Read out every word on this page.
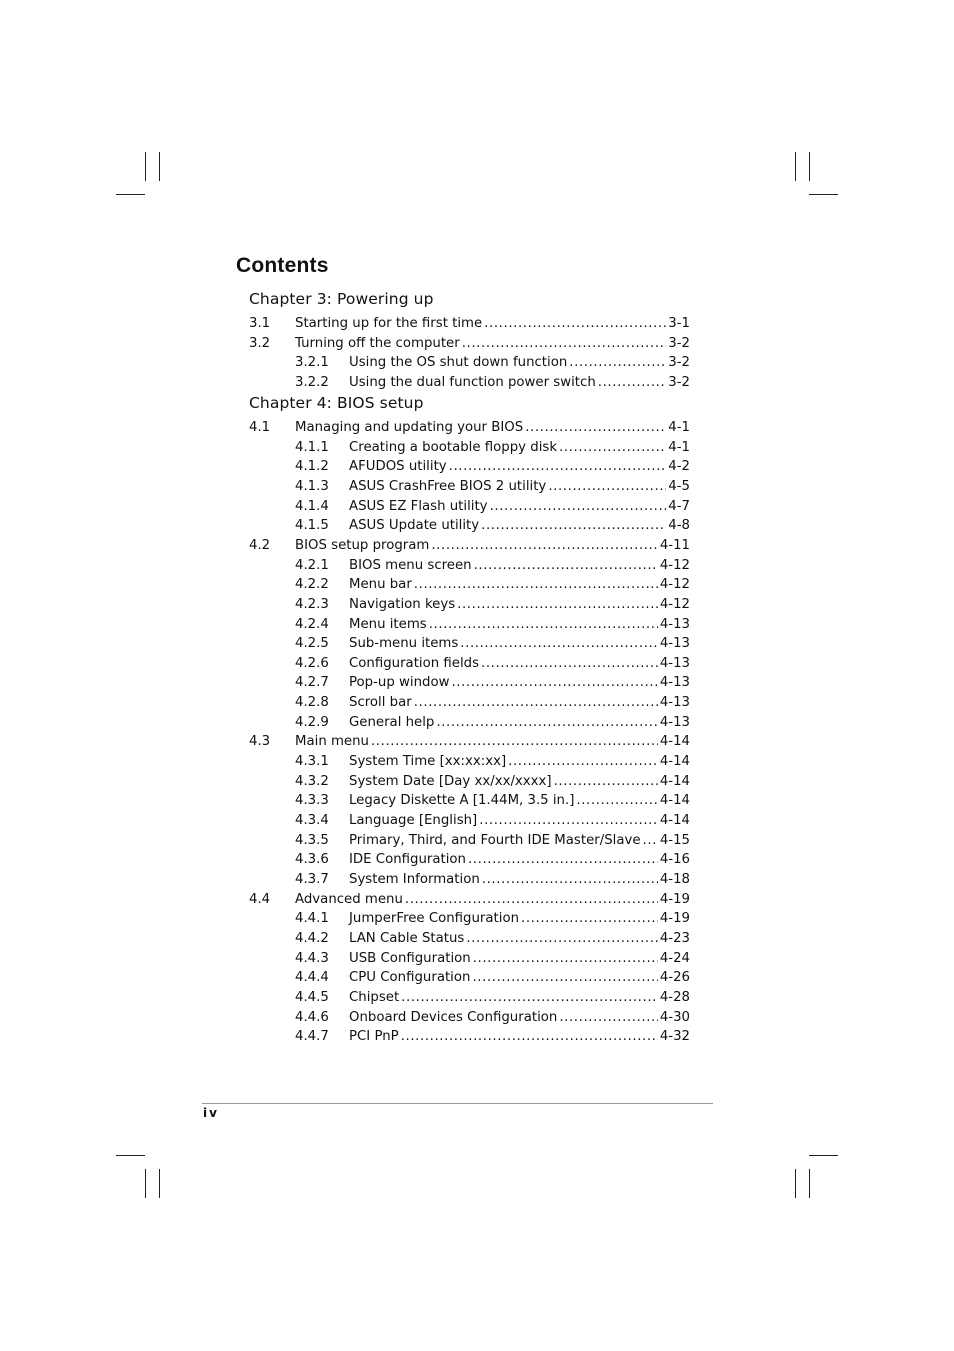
Contents
Chapter 3: Powering up
3.1	Starting up for the first time .....	3-1
3.2	Turning off the computer .....	3-2
3.2.1	Using the OS shut down function .....	3-2
3.2.2	Using the dual function power switch .....	3-2
Chapter 4: BIOS setup
4.1	Managing and updating your BIOS .....	4-1
4.1.1	Creating a bootable floppy disk .....	4-1
4.1.2	AFUDOS utility .....	4-2
4.1.3	ASUS CrashFree BIOS 2 utility .....	4-5
4.1.4	ASUS EZ Flash utility .....	4-7
4.1.5	ASUS Update utility .....	4-8
4.2	BIOS setup program .....	4-11
4.2.1	BIOS menu screen .....	4-12
4.2.2	Menu bar .....	4-12
4.2.3	Navigation keys .....	4-12
4.2.4	Menu items .....	4-13
4.2.5	Sub-menu items .....	4-13
4.2.6	Configuration fields .....	4-13
4.2.7	Pop-up window .....	4-13
4.2.8	Scroll bar .....	4-13
4.2.9	General help .....	4-13
4.3	Main menu .....	4-14
4.3.1	System Time [xx:xx:xx] .....	4-14
4.3.2	System Date [Day xx/xx/xxxx] .....	4-14
4.3.3	Legacy Diskette A [1.44M, 3.5 in.] .....	4-14
4.3.4	Language [English] .....	4-14
4.3.5	Primary, Third, and Fourth IDE Master/Slave ..... 4-15
4.3.6	IDE Configuration .....	4-16
4.3.7	System Information .....	4-18
4.4	Advanced menu .....	4-19
4.4.1	JumperFree Configuration .....	4-19
4.4.2	LAN Cable Status .....	4-23
4.4.3	USB Configuration .....	4-24
4.4.4	CPU Configuration .....	4-26
4.4.5	Chipset .....	4-28
4.4.6	Onboard Devices Configuration .....	4-30
4.4.7	PCI PnP .....	4-32
iv
